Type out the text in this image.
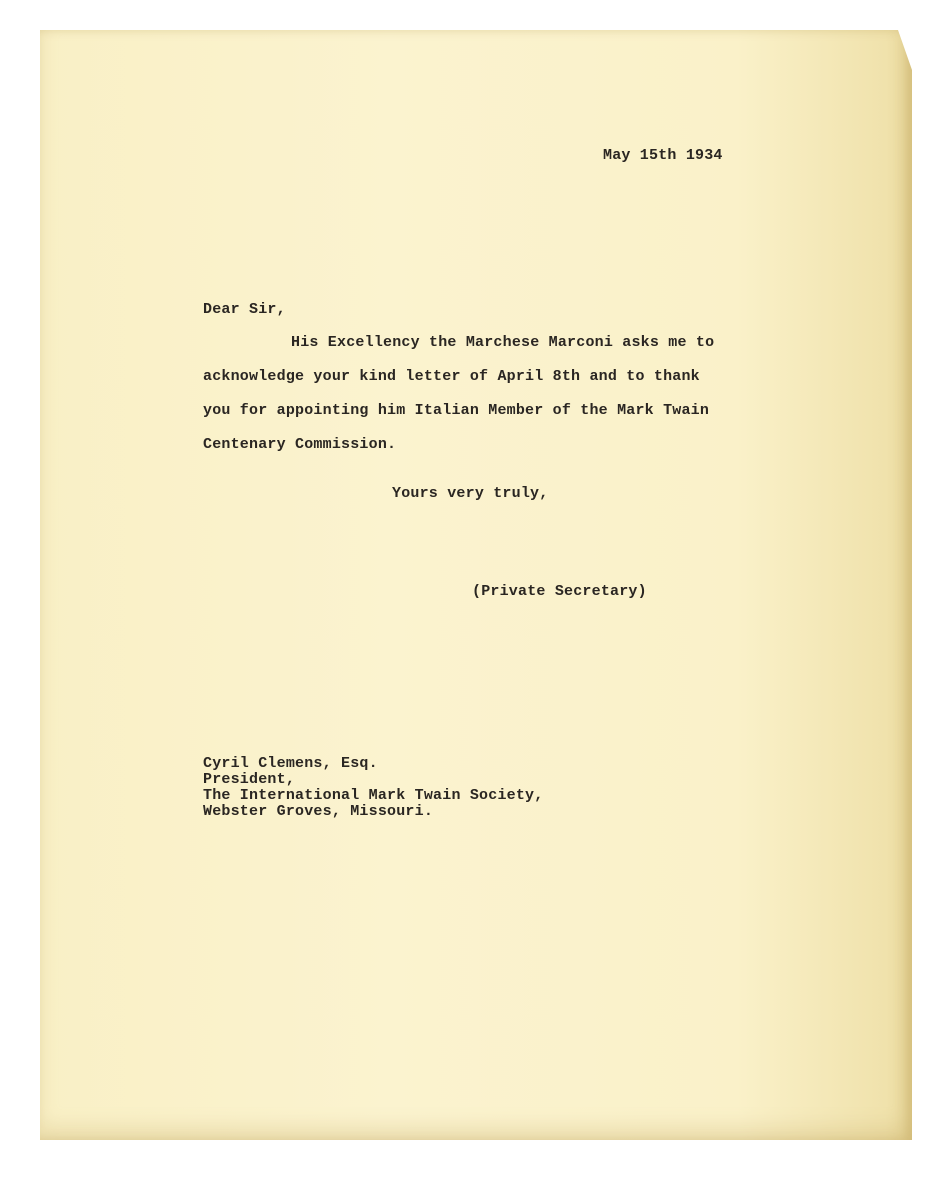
May 15th 1934
Dear Sir,
His Excellency the Marchese Marconi asks me to
acknowledge your kind letter of April 8th and to thank
you for appointing him Italian Member of the Mark Twain
Centenary Commission.
Yours very truly,
(Private Secretary)
Cyril Clemens, Esq.
President,
The International Mark Twain Society,
Webster Groves, Missouri.
